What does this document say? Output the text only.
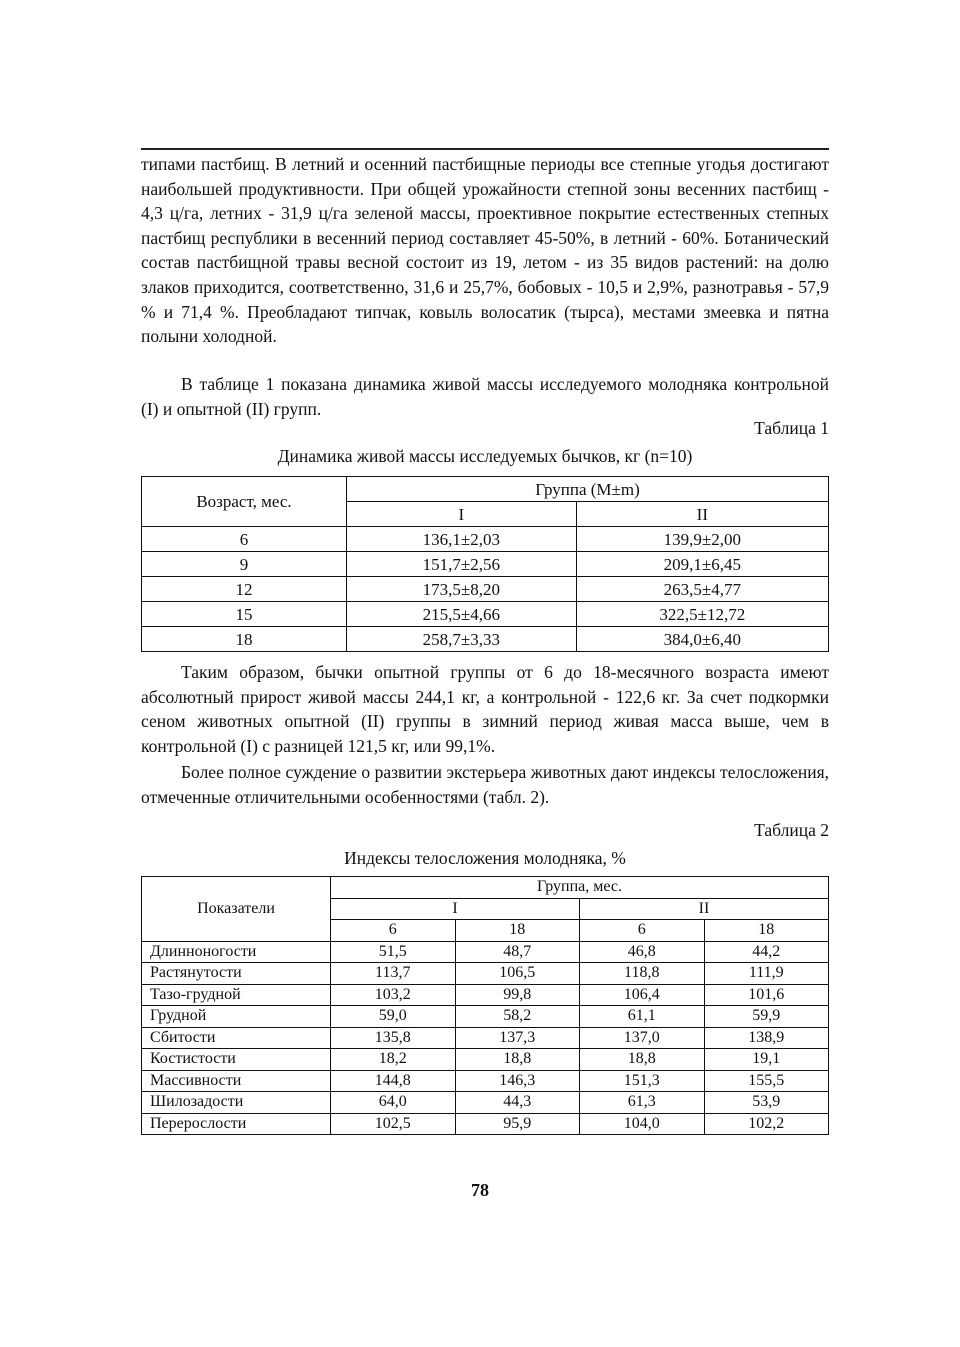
типами пастбищ. В летний и осенний пастбищные периоды все степные угодья достигают наибольшей продуктивности. При общей урожайности степной зоны весенних пастбищ - 4,3 ц/га, летних - 31,9 ц/га зеленой массы, проективное покрытие естественных степных пастбищ республики в весенний период составляет 45-50%, в летний - 60%. Ботанический состав пастбищной травы весной состоит из 19, летом - из 35 видов растений: на долю злаков приходится, соответственно, 31,6 и 25,7%, бобовых - 10,5 и 2,9%, разнотравья - 57,9 % и 71,4 %. Преобладают типчак, ковыль волосатик (тырса), местами змеевка и пятна полыни холодной.

В таблице 1 показана динамика живой массы исследуемого молодняка контрольной (I) и опытной (II) групп.

Таблица 1
Динамика живой массы исследуемых бычков, кг (n=10)
Возраст, мес.	Группа (M±m)	
	I	II
6	136,1±2,03	139,9±2,00
9	151,7±2,56	209,1±6,45
12	173,5±8,20	263,5±4,77
15	215,5±4,66	322,5±12,72
18	258,7±3,33	384,0±6,40

Таким образом, бычки опытной группы от 6 до 18-месячного возраста имеют абсолютный прирост живой массы 244,1 кг, а контрольной - 122,6 кг. За счет подкормки сеном животных опытной (II) группы в зимний период живая масса выше, чем в контрольной (I) с разницей 121,5 кг, или 99,1%.

Более полное суждение о развитии экстерьера животных дают индексы телосложения, отмеченные отличительными особенностями (табл. 2).

Таблица 2
Индексы телосложения молодняка, %
Показатели	Группа, мес.			
	I		II	
	6	18	6	18
Длинноногости	51,5	48,7	46,8	44,2
Растянутости	113,7	106,5	118,8	111,9
Тазо-грудной	103,2	99,8	106,4	101,6
Грудной	59,0	58,2	61,1	59,9
Сбитости	135,8	137,3	137,0	138,9
Костистости	18,2	18,8	18,8	19,1
Массивности	144,8	146,3	151,3	155,5
Шилозадости	64,0	44,3	61,3	53,9
Перерослости	102,5	95,9	104,0	102,2
78
